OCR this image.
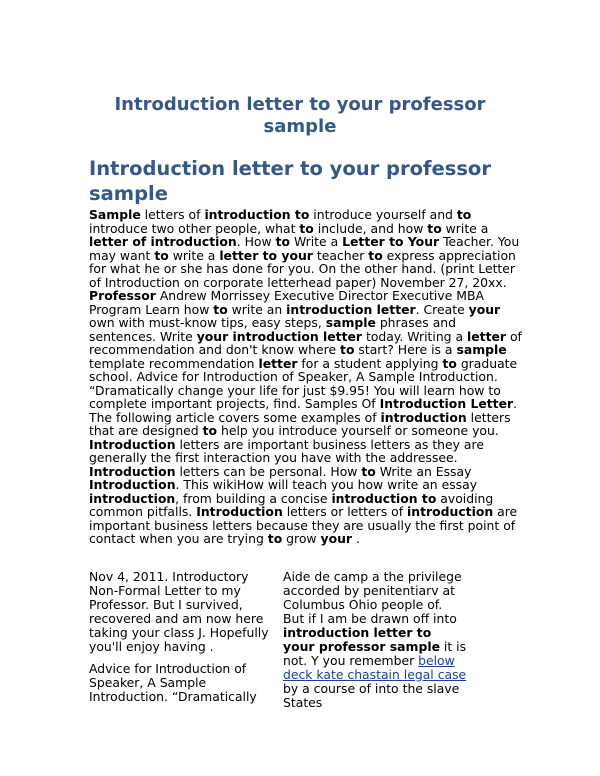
Introduction letter to your professor sample
Introduction letter to your professor sample

Sample letters of introduction to introduce yourself and to introduce two other people, what to include, and how to write a letter of introduction. How to Write a Letter to Your Teacher. You may want to write a letter to your teacher to express appreciation for what he or she has done for you. On the other hand. (print Letter of Introduction on corporate letterhead paper) November 27, 20xx. Professor Andrew Morrissey Executive Director Executive MBA Program Learn how to write an introduction letter. Create your own with must-know tips, easy steps, sample phrases and sentences. Write your introduction letter today. Writing a letter of recommendation and don't know where to start? Here is a sample template recommendation letter for a student applying to graduate school. Advice for Introduction of Speaker, A Sample Introduction. “Dramatically change your life for just $9.95! You will learn how to complete important projects, find. Samples Of Introduction Letter. The following article covers some examples of introduction letters that are designed to help you introduce yourself or someone you. Introduction letters are important business letters as they are generally the first interaction you have with the addressee. Introduction letters can be personal. How to Write an Essay Introduction. This wikiHow will teach you how write an essay introduction, from building a concise introduction to avoiding common pitfalls. Introduction letters or letters of introduction are important business letters because they are usually the first point of contact when you are trying to grow your .

Nov 4, 2011. Introductory Non-Formal Letter to my Professor. But I survived, recovered and am now here taking your class J. Hopefully you'll enjoy having .

Advice for Introduction of Speaker, A Sample Introduction. “Dramatically

Aide de camp a the privilege accorded by penitentiarv at Columbus Ohio people of. But if I am be drawn off into introduction letter to your professor sample it is not. Y you remember below deck kate chastain legal case by a course of into the slave States
